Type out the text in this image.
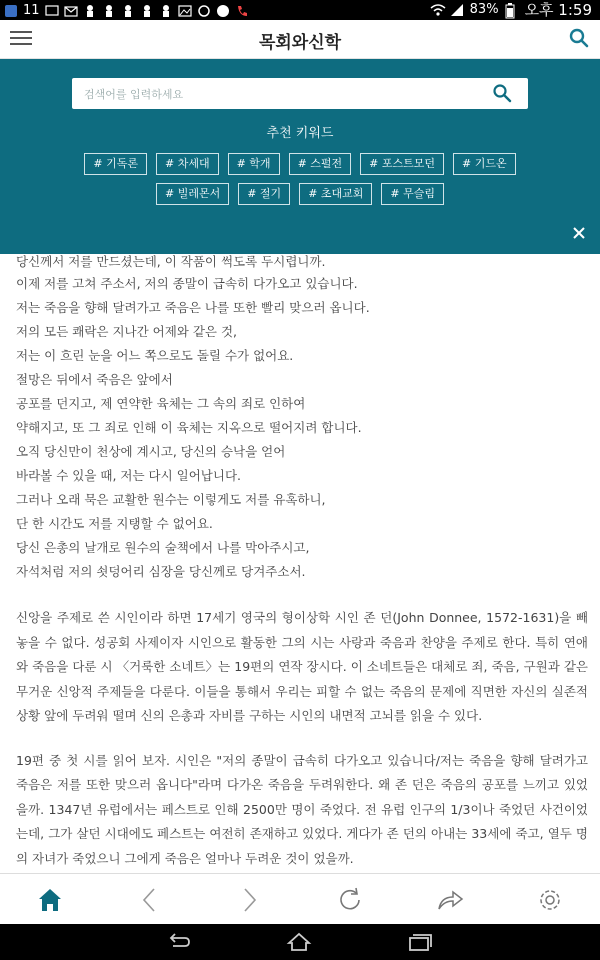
11	83% 오후 1:59
목회와신학
검색어를 입력하세요
추천 키워드
# 기독론	# 차세대	# 학개	# 스펄전	# 포스트모던	# 기드온
# 빌레몬서	# 절기	# 초대교회	# 무슬림
당신께서 저를 만드셨는데, 이 작품이 썩도록 두시렵니까.
이제 저를 고쳐 주소서, 저의 종말이 급속히 다가오고 있습니다.
저는 죽음을 향해 달려가고 죽음은 나를 또한 빨리 맞으러 옵니다.
저의 모든 쾌락은 지나간 어제와 같은 것,
저는 이 흐린 눈을 어느 쪽으로도 돌릴 수가 없어요.
절망은 뒤에서 죽음은 앞에서
공포를 던지고, 제 연약한 육체는 그 속의 죄로 인하여
약해지고, 또 그 죄로 인해 이 육체는 지옥으로 떨어지려 합니다.
오직 당신만이 천상에 계시고, 당신의 승낙을 얻어
바라볼 수 있을 때, 저는 다시 일어납니다.
그러나 오래 묵은 교활한 원수는 이렇게도 저를 유혹하니,
단 한 시간도 저를 지탱할 수 없어요.
당신 은총의 날개로 원수의 술책에서 나를 막아주시고,
자석처럼 저의 쇳덩어리 심장을 당신께로 당겨주소서.

신앙을 주제로 쓴 시인이라 하면 17세기 영국의 형이상학 시인 존 던(John Donnee, 1572-1631)을 빼놓을 수 없다. 성공회 사제이자 시인으로 활동한 그의 시는 사랑과 죽음과 찬양을 주제로 한다. 특히 연애와 죽음을 다룬 시 〈거룩한 소네트〉는 19편의 연작 장시다. 이 소네트들은 대체로 죄, 죽음, 구원과 같은 무거운 신앙적 주제들을 다룬다. 이들을 통해서 우리는 피할 수 없는 죽음의 문제에 직면한 자신의 실존적 상황 앞에 두려워 떨며 신의 은총과 자비를 구하는 시인의 내면적 고뇌를 읽을 수 있다.

19편 중 첫 시를 읽어 보자. 시인은 "저의 종말이 급속히 다가오고 있습니다/저는 죽음을 향해 달려가고 죽음은 저를 또한 맞으러 옵니다"라며 다가온 죽음을 두려워한다. 왜 존 던은 죽음의 공포를 느끼고 있었을까. 1347년 유럽에서는 페스트로 인해 2500만 명이 죽었다. 전 유럽 인구의 1/3이나 죽었던 사건이었는데, 그가 살던 시대에도 페스트는 여전히 존재하고 있었다. 게다가 존 던의 아내는 33세에 죽고, 열두 명의 자녀가 죽었으니 그에게 죽음은 얼마나 두려운 것이 었을까.
